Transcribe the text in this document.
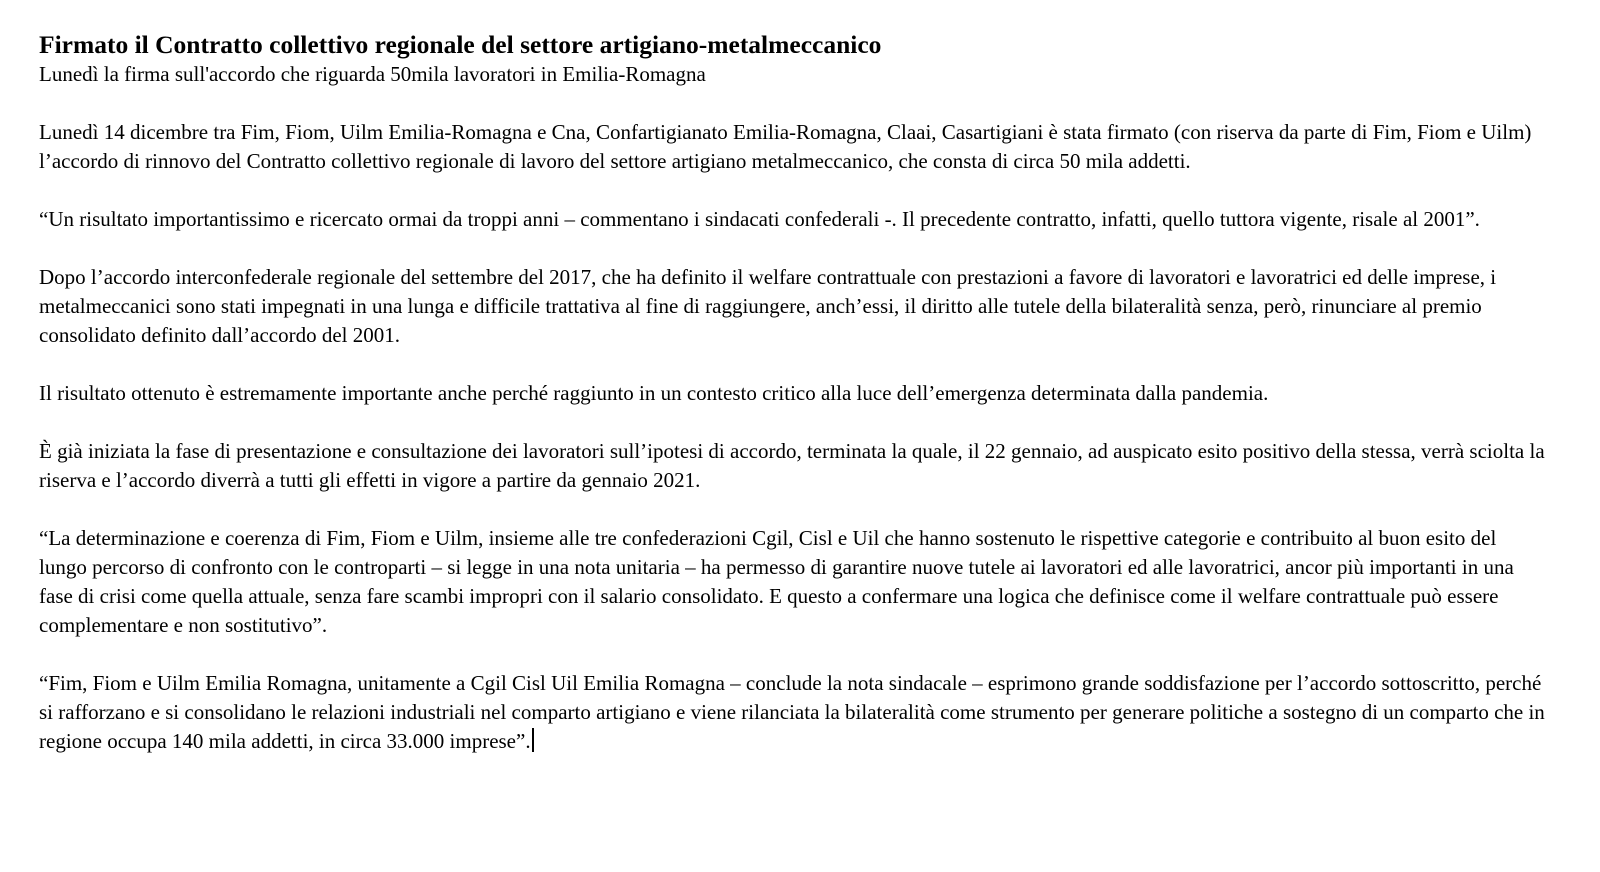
Firmato il Contratto collettivo regionale del settore artigiano-metalmeccanico
Lunedì la firma sull'accordo che riguarda 50mila lavoratori in Emilia-Romagna

Lunedì 14 dicembre tra Fim, Fiom, Uilm Emilia-Romagna e Cna, Confartigianato Emilia-Romagna, Claai, Casartigiani è stata firmato (con riserva da parte di Fim, Fiom e Uilm) l’accordo di rinnovo del Contratto collettivo regionale di lavoro del settore artigiano metalmeccanico, che consta di circa 50 mila addetti.

“Un risultato importantissimo e ricercato ormai da troppi anni – commentano i sindacati confederali -. Il precedente contratto, infatti, quello tuttora vigente, risale al 2001”.

Dopo l’accordo interconfederale regionale del settembre del 2017, che ha definito il welfare contrattuale con prestazioni a favore di lavoratori e lavoratrici ed delle imprese, i metalmeccanici sono stati impegnati in una lunga e difficile trattativa al fine di raggiungere, anch’essi, il diritto alle tutele della bilateralità senza, però, rinunciare al premio consolidato definito dall’accordo del 2001.

Il risultato ottenuto è estremamente importante anche perché raggiunto in un contesto critico alla luce dell’emergenza determinata dalla pandemia.

È già iniziata la fase di presentazione e consultazione dei lavoratori sull’ipotesi di accordo, terminata la quale, il 22 gennaio, ad auspicato esito positivo della stessa, verrà sciolta la riserva e l’accordo diverrà a tutti gli effetti in vigore a partire da gennaio 2021.

“La determinazione e coerenza di Fim, Fiom e Uilm, insieme alle tre confederazioni Cgil, Cisl e Uil che hanno sostenuto le rispettive categorie e contribuito al buon esito del lungo percorso di confronto con le controparti – si legge in una nota unitaria – ha permesso di garantire nuove tutele ai lavoratori ed alle lavoratrici, ancor più importanti in una fase di crisi come quella attuale, senza fare scambi impropri con il salario consolidato. E questo a confermare una logica che definisce come il welfare contrattuale può essere complementare e non sostitutivo”.

“Fim, Fiom e Uilm Emilia Romagna, unitamente a Cgil Cisl Uil Emilia Romagna – conclude la nota sindacale – esprimono grande soddisfazione per l’accordo sottoscritto, perché si rafforzano e si consolidano le relazioni industriali nel comparto artigiano e viene rilanciata la bilateralità come strumento per generare politiche a sostegno di un comparto che in regione occupa 140 mila addetti, in circa 33.000 imprese”.
